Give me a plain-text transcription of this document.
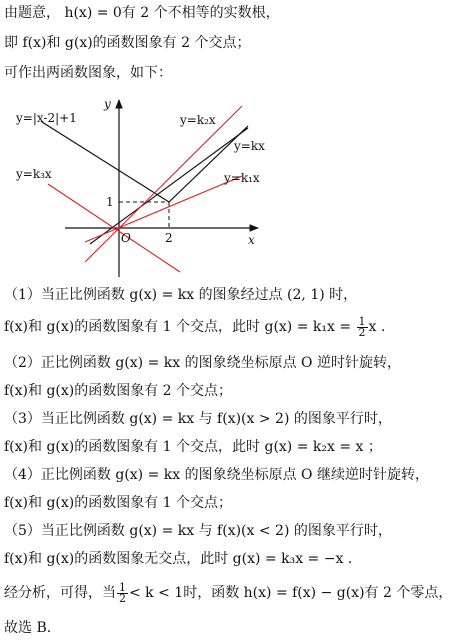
由题意， h(x) = 0有 2 个不相等的实数根，
即 f(x)和 g(x)的函数图象有 2 个交点；
可作出两函数图象，如下：
y=|x-2|+1	y=k₂x
y=kx
y=k₁x
y=k₃x
x
y
O	2
1
（1）当正比例函数 g(x) = kx 的图象经过点 (2, 1) 时，
f(x)和 g(x)的函数图象有 1 个交点，此时 $g(x) = k_1x = \frac{1}{2}$ x .
（2）正比例函数 g(x) = kx 的图象绕坐标原点 O 逆时针旋转，
f(x)和 g(x)的函数图象有 2 个交点；
（3）当正比例函数 g(x) = kx 与 f(x)(x > 2) 的图象平行时，
f(x)和 g(x)的函数图象有 1 个交点，此时 g(x) = k₂x = x ；
（4）正比例函数 g(x) = kx 的图象绕坐标原点 O 继续逆时针旋转，
f(x)和 g(x)的函数图象有 1 个交点；
（5）当正比例函数 g(x) = kx 与 f(x)(x < 2) 的图象平行时，
f(x)和 g(x)的函数图象无交点，此时 g(x) = k₃x = −x .
经分析，可得，当 $\frac{1}{2} < k < 1$时，函数 h(x) = f(x) − g(x)有 2 个零点，
故选 B.
